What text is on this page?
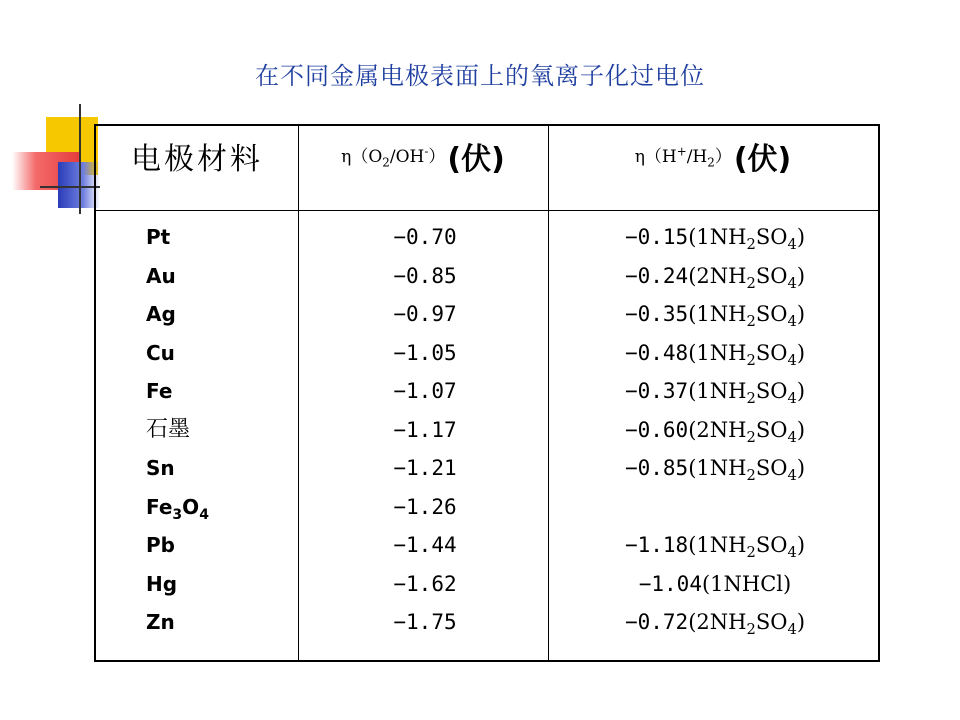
在不同金属电极表面上的氧离子化过电位
电极材料	$\eta(O_2/OH^-)$ (伏)	$\eta(H^+/H_2)$ (伏)
Pt
Au
Ag
Cu
Fe
石墨
Sn
$Fe_3O_4$
Pb
Hg
Zn
−0.70
−0.85
−0.97
−1.05
−1.07
−1.17
−1.21
−1.26
−1.44
−1.62
−1.75
$-0.15(1NH_2SO_4)$
$-0.24(2NH_2SO_4)$
$-0.35(1NH_2SO_4)$
$-0.48(1NH_2SO_4)$
$-0.37(1NH_2SO_4)$
$-0.60(2NH_2SO_4)$
$-0.85(1NH_2SO_4)$

$-1.18(1NH_2SO_4)$
−1.04(1NHCl)
$-0.72(2NH_2SO_4)$
